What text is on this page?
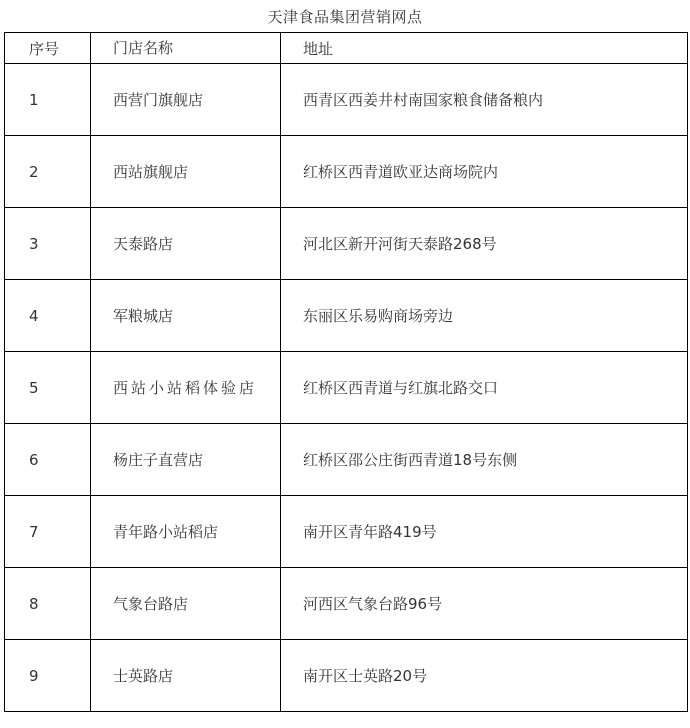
天津食品集团营销网点
序号	门店名称	地址
1	西营门旗舰店	西青区西姜井村南国家粮食储备粮内
2	西站旗舰店	红桥区西青道欧亚达商场院内
3	天泰路店	河北区新开河街天泰路268号
4	军粮城店	东丽区乐易购商场旁边
5	西站小站稻体验店	红桥区西青道与红旗北路交口
6	杨庄子直营店	红桥区邵公庄街西青道18号东侧
7	青年路小站稻店	南开区青年路419号
8	气象台路店	河西区气象台路96号
9	士英路店	南开区士英路20号
